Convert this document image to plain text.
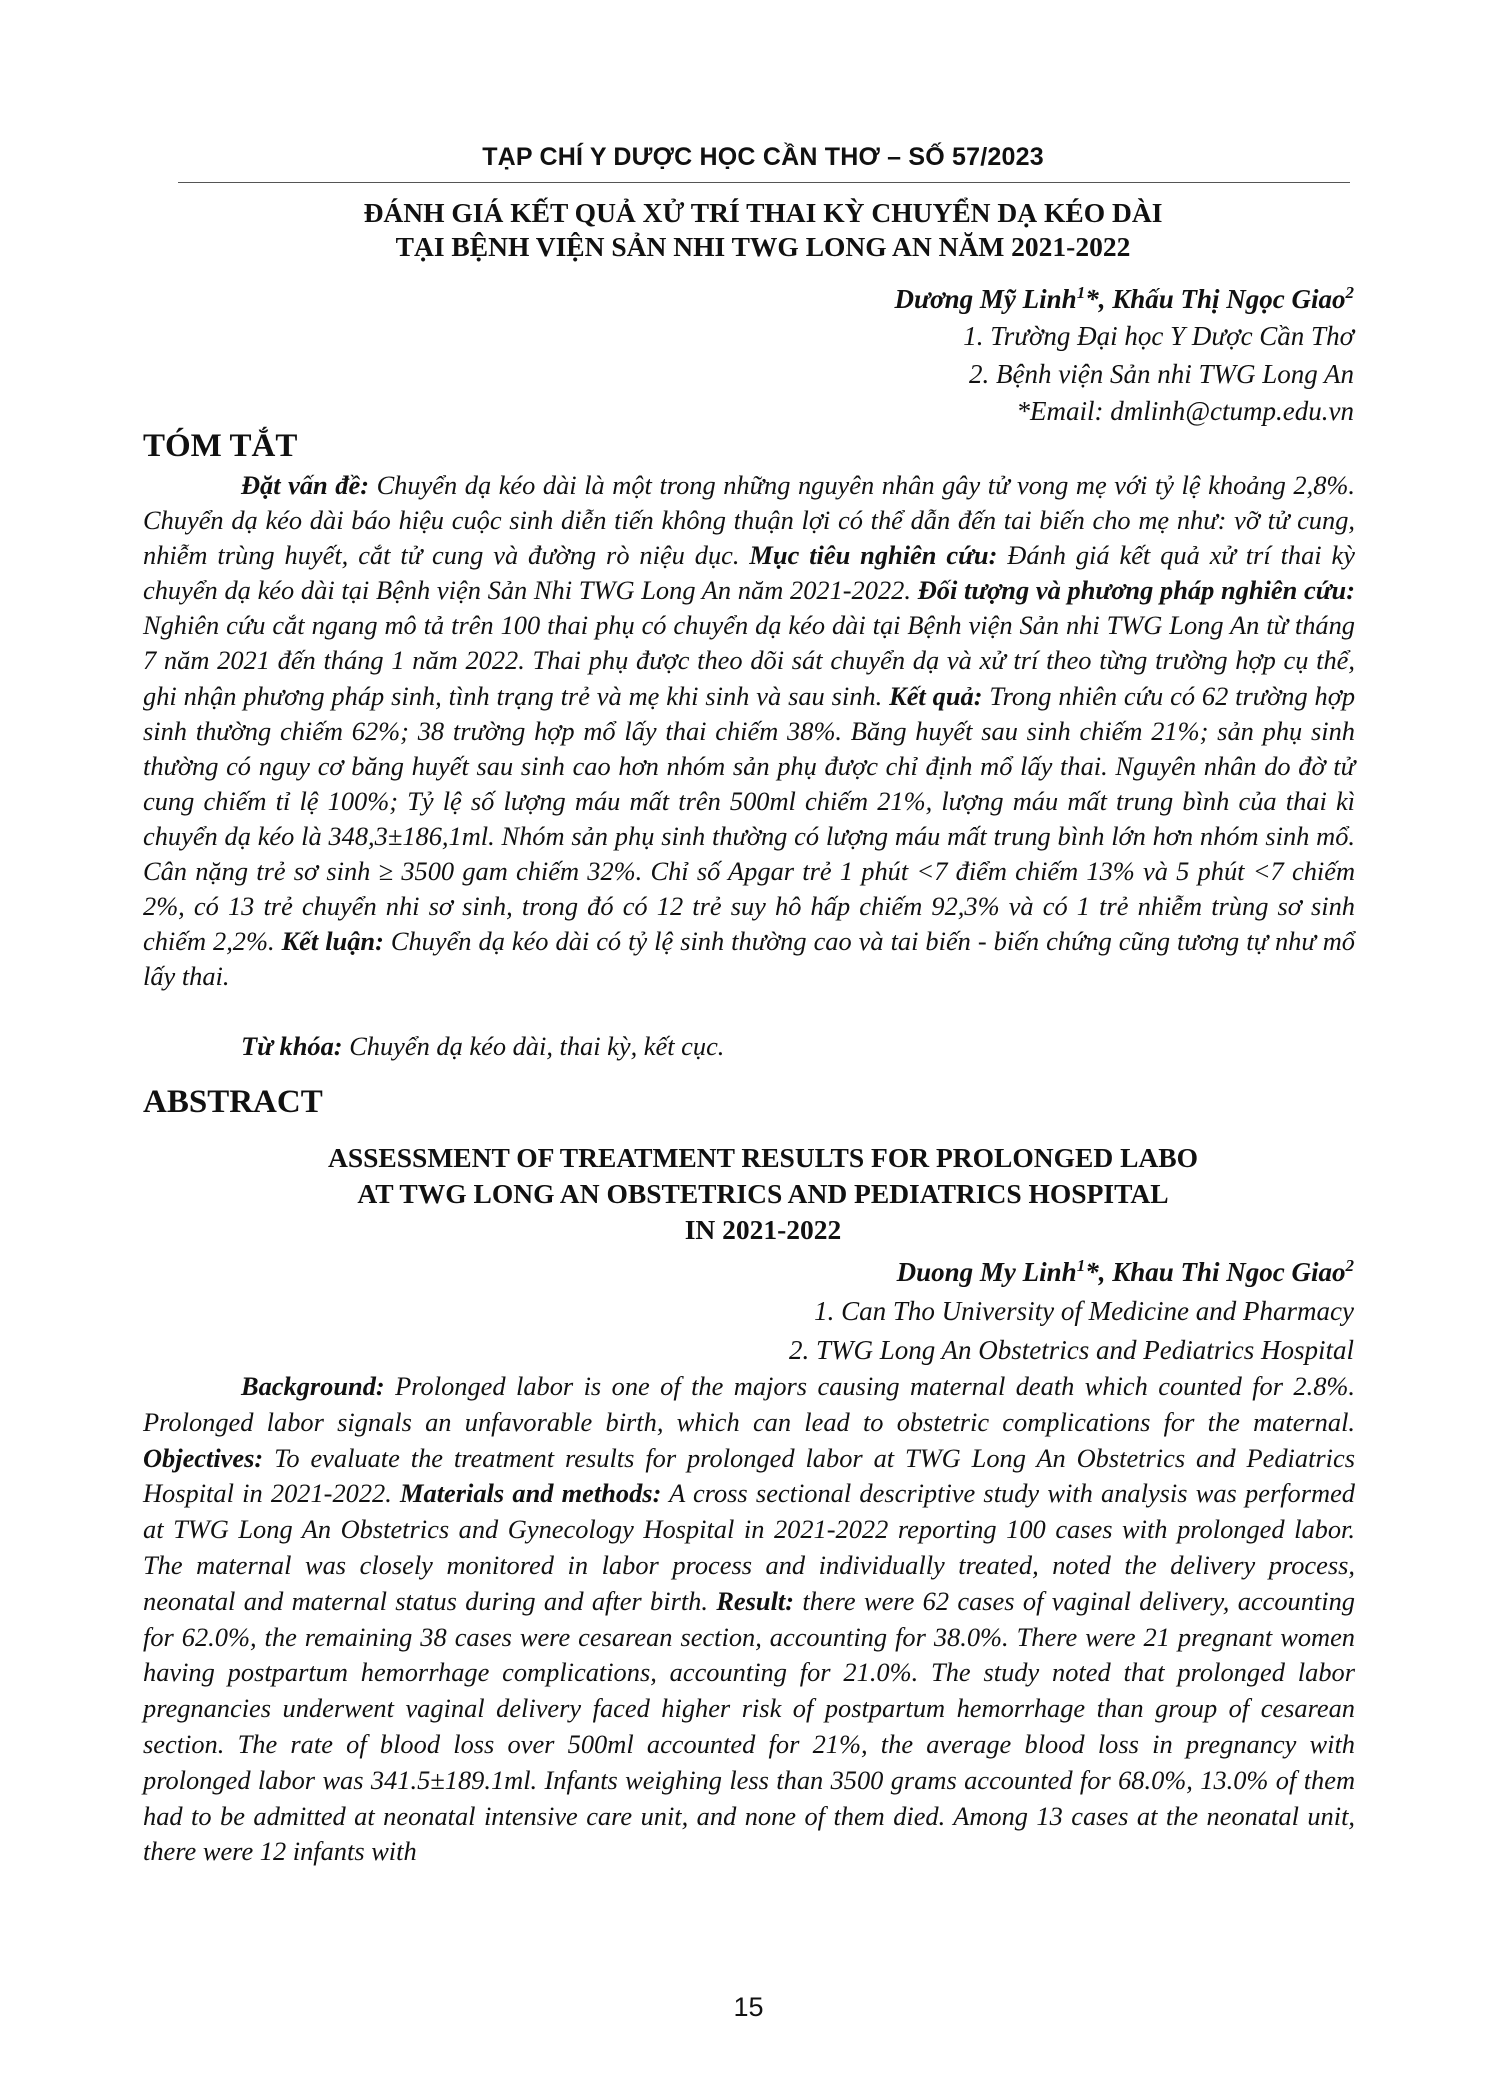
TẠP CHÍ Y DƯỢC HỌC CẦN THƠ – SỐ 57/2023
ĐÁNH GIÁ KẾT QUẢ XỬ TRÍ THAI KỲ CHUYỂN DẠ KÉO DÀI
TẠI BỆNH VIỆN SẢN NHI TWG LONG AN NĂM 2021-2022
Dương Mỹ Linh$^1$*, Khấu Thị Ngọc Giao$^2$
1. Trường Đại học Y Dược Cần Thơ
2. Bệnh viện Sản nhi TWG Long An
*Email: dmlinh@ctump.edu.vn
TÓM TẮT

Đặt vấn đề: Chuyển dạ kéo dài là một trong những nguyên nhân gây tử vong mẹ với tỷ lệ khoảng 2,8%. Chuyển dạ kéo dài báo hiệu cuộc sinh diễn tiến không thuận lợi có thể dẫn đến tai biến cho mẹ như: vỡ tử cung, nhiễm trùng huyết, cắt tử cung và đường rò niệu dục. Mục tiêu nghiên cứu: Đánh giá kết quả xử trí thai kỳ chuyển dạ kéo dài tại Bệnh viện Sản Nhi TWG Long An năm 2021-2022. Đối tượng và phương pháp nghiên cứu: Nghiên cứu cắt ngang mô tả trên 100 thai phụ có chuyển dạ kéo dài tại Bệnh viện Sản nhi TWG Long An từ tháng 7 năm 2021 đến tháng 1 năm 2022. Thai phụ được theo dõi sát chuyển dạ và xử trí theo từng trường hợp cụ thể, ghi nhận phương pháp sinh, tình trạng trẻ và mẹ khi sinh và sau sinh. Kết quả: Trong nhiên cứu có 62 trường hợp sinh thường chiếm 62%; 38 trường hợp mổ lấy thai chiếm 38%. Băng huyết sau sinh chiếm 21%; sản phụ sinh thường có nguy cơ băng huyết sau sinh cao hơn nhóm sản phụ được chỉ định mổ lấy thai. Nguyên nhân do đờ tử cung chiếm tỉ lệ 100%; Tỷ lệ số lượng máu mất trên 500ml chiếm 21%, lượng máu mất trung bình của thai kì chuyển dạ kéo là 348,3±186,1ml. Nhóm sản phụ sinh thường có lượng máu mất trung bình lớn hơn nhóm sinh mổ. Cân nặng trẻ sơ sinh ≥ 3500 gam chiếm 32%. Chỉ số Apgar trẻ 1 phút <7 điểm chiếm 13% và 5 phút <7 chiếm 2%, có 13 trẻ chuyển nhi sơ sinh, trong đó có 12 trẻ suy hô hấp chiếm 92,3% và có 1 trẻ nhiễm trùng sơ sinh chiếm 2,2%. Kết luận: Chuyển dạ kéo dài có tỷ lệ sinh thường cao và tai biến - biến chứng cũng tương tự như mổ lấy thai.

Từ khóa: Chuyển dạ kéo dài, thai kỳ, kết cục.

ABSTRACT
ASSESSMENT OF TREATMENT RESULTS FOR PROLONGED LABO
AT TWG LONG AN OBSTETRICS AND PEDIATRICS HOSPITAL
IN 2021-2022
Duong My Linh$^1$*, Khau Thi Ngoc Giao$^2$
1. Can Tho University of Medicine and Pharmacy
2. TWG Long An Obstetrics and Pediatrics Hospital

Background: Prolonged labor is one of the majors causing maternal death which counted for 2.8%. Prolonged labor signals an unfavorable birth, which can lead to obstetric complications for the maternal. Objectives: To evaluate the treatment results for prolonged labor at TWG Long An Obstetrics and Pediatrics Hospital in 2021-2022. Materials and methods: A cross sectional descriptive study with analysis was performed at TWG Long An Obstetrics and Gynecology Hospital in 2021-2022 reporting 100 cases with prolonged labor. The maternal was closely monitored in labor process and individually treated, noted the delivery process, neonatal and maternal status during and after birth. Result: there were 62 cases of vaginal delivery, accounting for 62.0%, the remaining 38 cases were cesarean section, accounting for 38.0%. There were 21 pregnant women having postpartum hemorrhage complications, accounting for 21.0%. The study noted that prolonged labor pregnancies underwent vaginal delivery faced higher risk of postpartum hemorrhage than group of cesarean section. The rate of blood loss over 500ml accounted for 21%, the average blood loss in pregnancy with prolonged labor was 341.5±189.1ml. Infants weighing less than 3500 grams accounted for 68.0%, 13.0% of them had to be admitted at neonatal intensive care unit, and none of them died. Among 13 cases at the neonatal unit, there were 12 infants with

15
